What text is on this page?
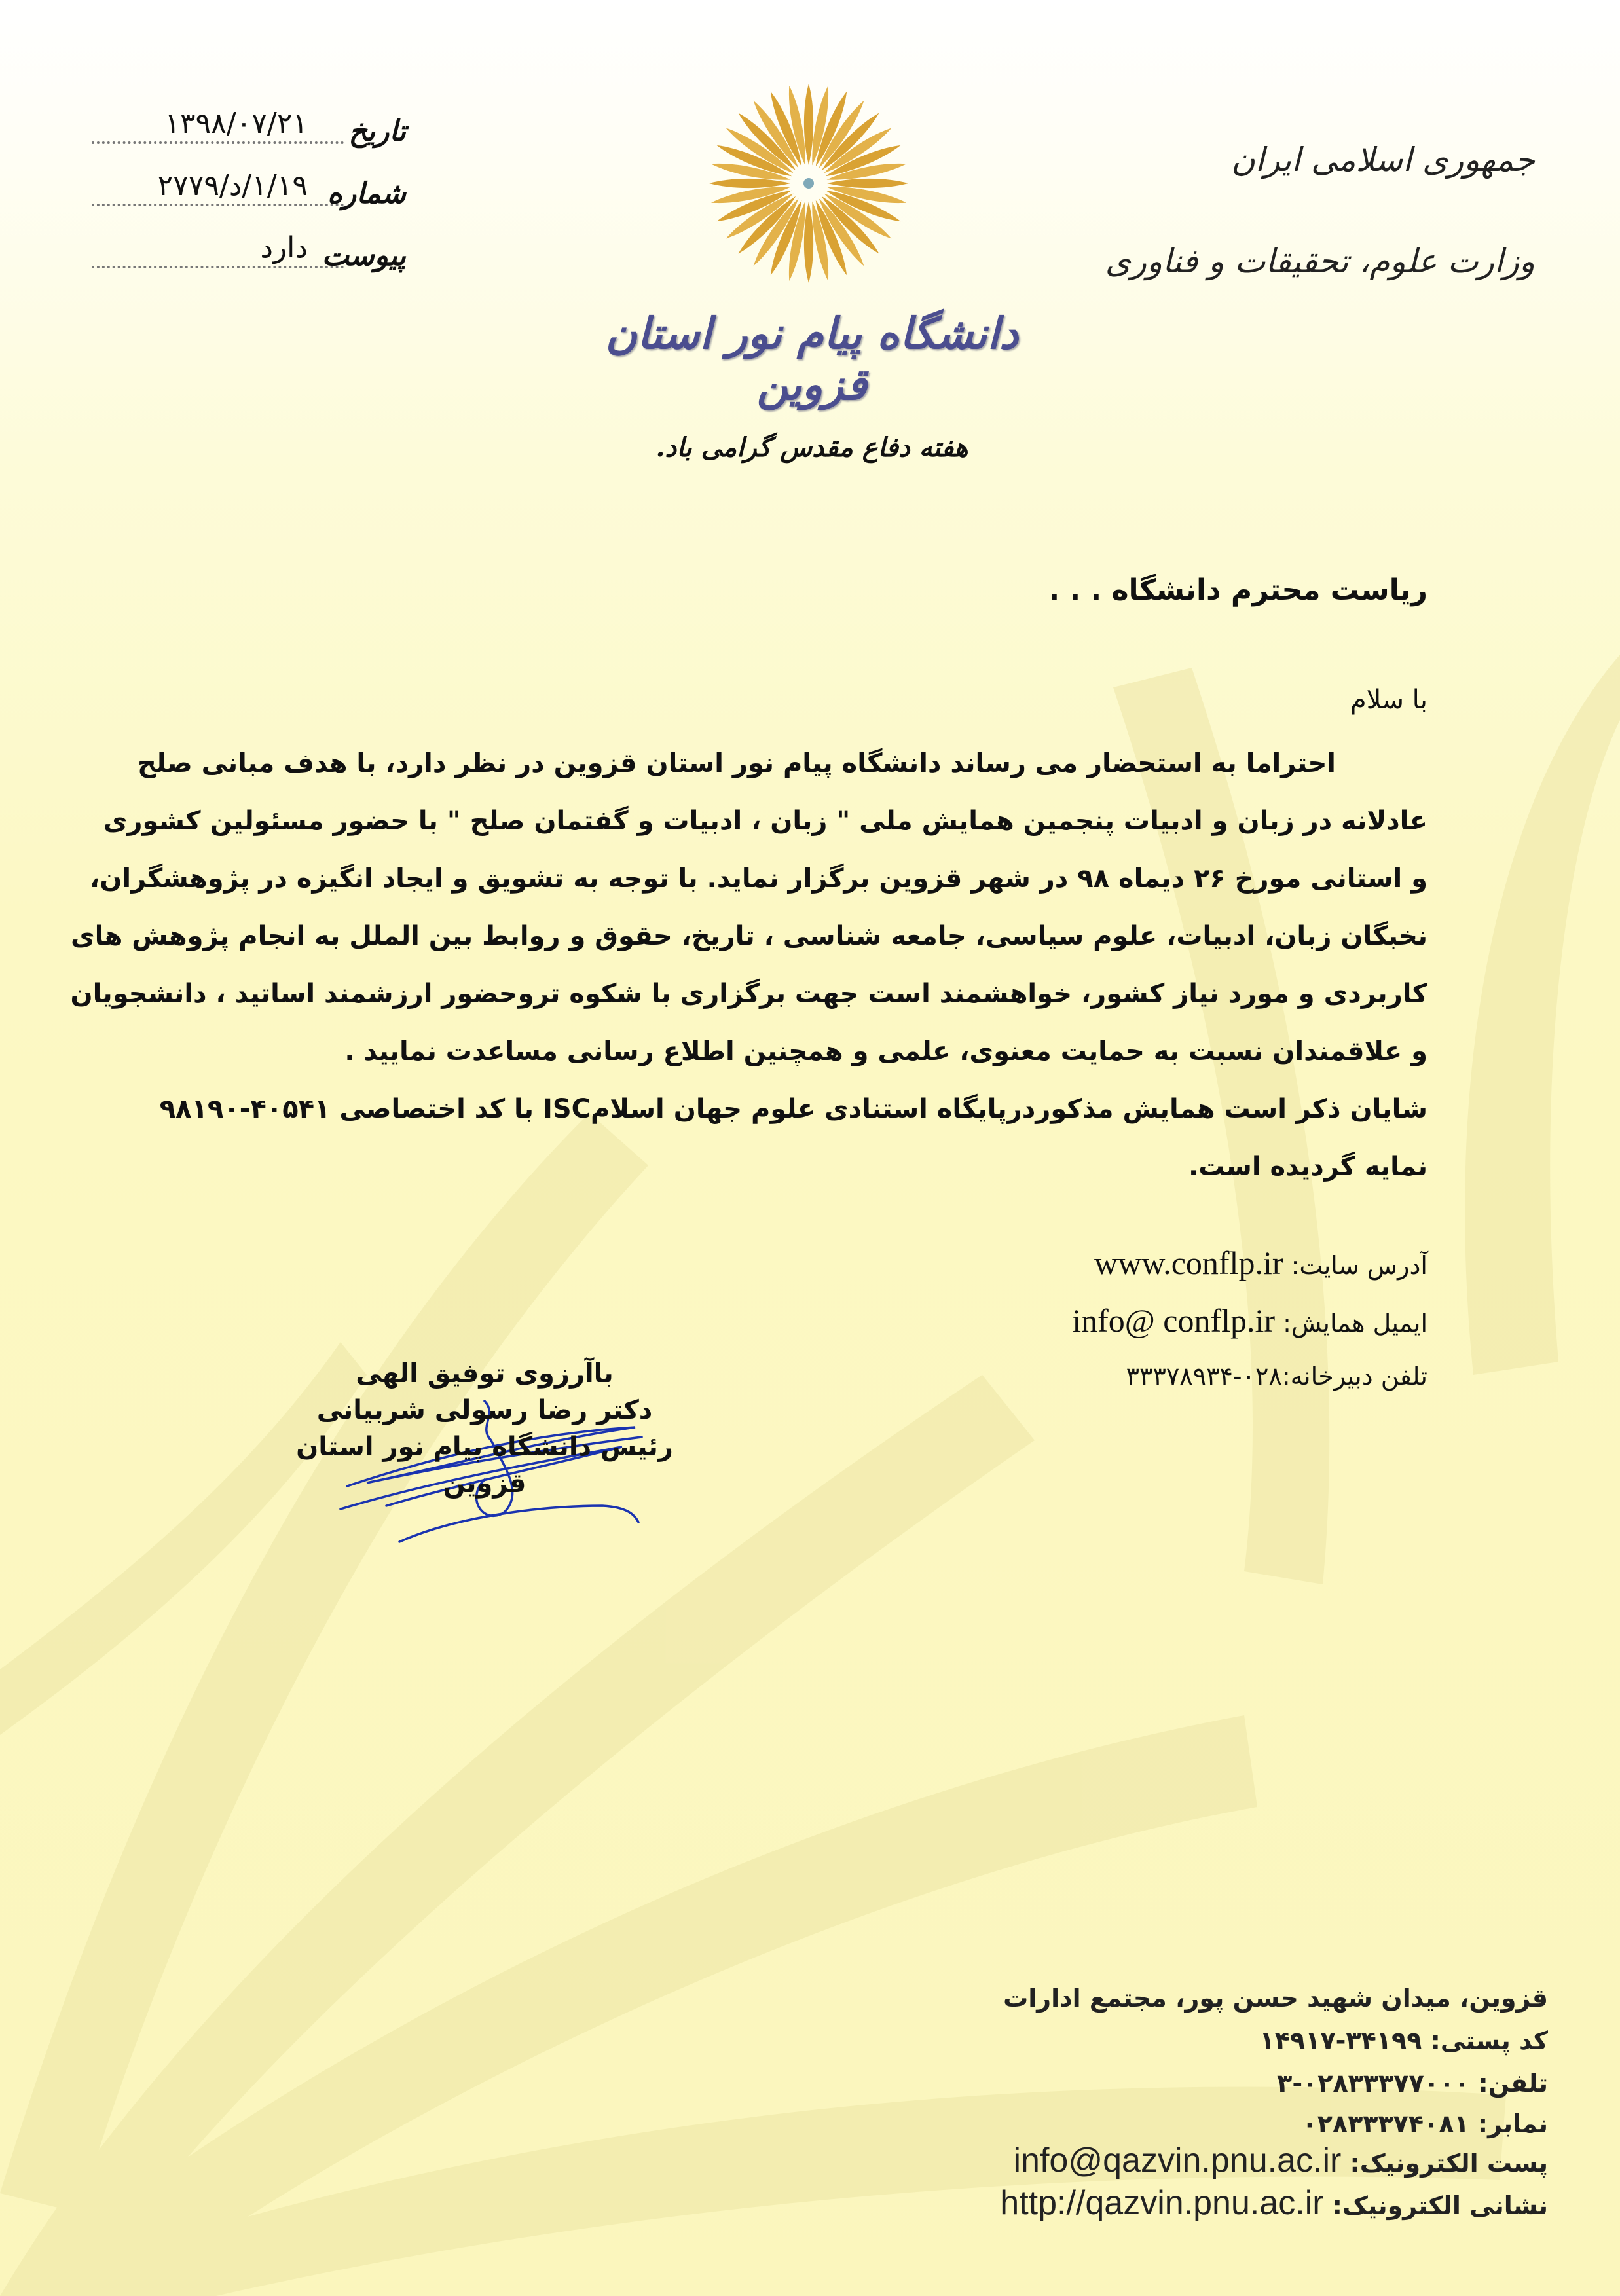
تاریخ
۱۳۹۸/۰۷/۲۱
شماره
۱/۱۹/د/۲۷۷۹
پیوست
دارد
جمهوری اسلامی ایران
وزارت علوم، تحقیقات و فناوری
دانشگاه پیام نور استان قزوین
هفته دفاع مقدس گرامی باد.
ریاست محترم دانشگاه . . .
با سلام
احتراما به استحضار می رساند دانشگاه پیام نور استان قزوین در نظر دارد، با هدف مبانی صلح
عادلانه در زبان و ادبیات پنجمین همایش ملی " زبان ، ادبیات و گفتمان صلح " با حضور مسئولین کشوری
و استانی مورخ ۲۶ دیماه ۹۸ در شهر قزوین برگزار نماید. با توجه به تشویق و ایجاد انگیزه در پژوهشگران،
نخبگان زبان، ادبیات، علوم سیاسی، جامعه شناسی ، تاریخ، حقوق و روابط بین الملل به انجام پژوهش های
کاربردی و مورد نیاز کشور، خواهشمند است جهت برگزاری با شکوه تروحضور ارزشمند اساتید ، دانشجویان
و علاقمندان نسبت به حمایت معنوی، علمی و همچنین اطلاع رسانی مساعدت نمایید .
شایان ذکر است همایش مذکوردرپایگاه استنادی علوم جهان اسلامISC با کد اختصاصی ۴۰۵۴۱-۹۸۱۹۰
نمایه گردیده است.
آدرس سایت: www.conflp.ir
ایمیل همایش: info@ conflp.ir
تلفن دبیرخانه:۰۲۸-۳۳۳۷۸۹۳۴
باآرزوی توفیق الهی
دکتر رضا رسولی شربیانی
رئیس دانشگاه پیام نور استان قزوین
قزوین، میدان شهید حسن پور، مجتمع ادارات
کد پستی: ۳۴۱۹۹-۱۴۹۱۷
تلفن: ۰۲۸۳۳۳۷۷۰۰۰-۳
نمابر: ۰۲۸۳۳۳۷۴۰۸۱
پست الکترونیک: info@qazvin.pnu.ac.ir
نشانی الکترونیک: http://qazvin.pnu.ac.ir
